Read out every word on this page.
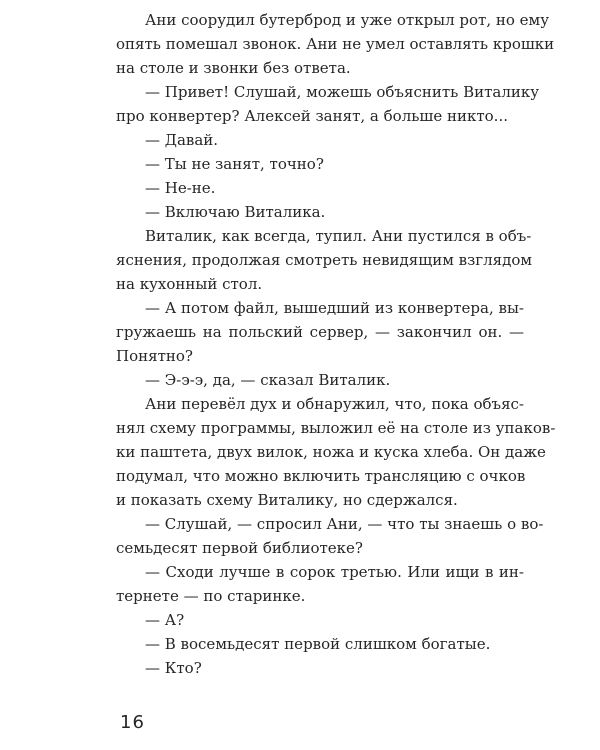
Ани соорудил бутерброд и уже открыл рот, но ему
опять помешал звонок. Ани не умел оставлять крошки
на столе и звонки без ответа.
— Привет! Слушай, можешь объяснить Виталику
про конвертер? Алексей занят, а больше никто...
— Давай.
— Ты не занят, точно?
— Не-не.
— Включаю Виталика.
Виталик, как всегда, тупил. Ани пустился в объ-
яснения, продолжая смотреть невидящим взглядом
на кухонный стол.
— А потом файл, вышедший из конвертера, вы-
гружаешь на польский сервер, — закончил он. —
Понятно?
— Э-э-э, да, — сказал Виталик.
Ани перевёл дух и обнаружил, что, пока объяс-
нял схему программы, выложил её на столе из упаков-
ки паштета, двух вилок, ножа и куска хлеба. Он даже
подумал, что можно включить трансляцию с очков
и показать схему Виталику, но сдержался.
— Слушай, — спросил Ани, — что ты знаешь о во-
семьдесят первой библиотеке?
— Сходи лучше в сорок третью. Или ищи в ин-
тернете — по старинке.
— А?
— В восемьдесят первой слишком богатые.
— Кто?
16
